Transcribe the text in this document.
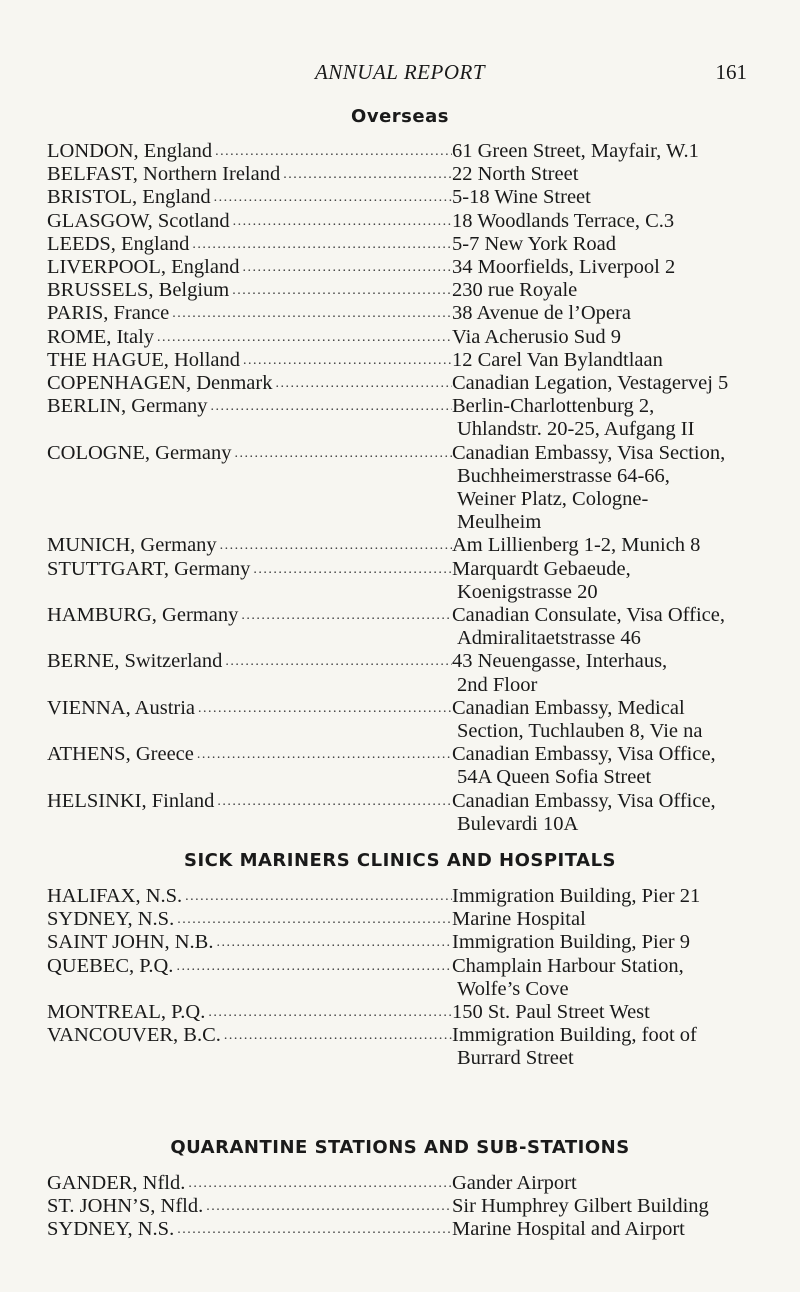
ANNUAL REPORT	161
Overseas
LONDON, England .....	61 Green Street, Mayfair, W.1
BELFAST, Northern Ireland .....	22 North Street
BRISTOL, England .....	5-18 Wine Street
GLASGOW, Scotland .....	18 Woodlands Terrace, C.3
LEEDS, England .....	5-7 New York Road
LIVERPOOL, England .....	34 Moorfields, Liverpool 2
BRUSSELS, Belgium .....	230 rue Royale
PARIS, France .....	38 Avenue de l’Opera
ROME, Italy .....	Via Acherusio Sud 9
THE HAGUE, Holland .....	12 Carel Van Bylandtlaan
COPENHAGEN, Denmark .....	Canadian Legation, Vestagervej 5
BERLIN, Germany .....	Berlin-Charlottenburg 2,
Uhlandstr. 20-25, Aufgang II
COLOGNE, Germany .....	Canadian Embassy, Visa Section,
Buchheimerstrasse 64-66,
Weiner Platz, Cologne-
Meulheim
MUNICH, Germany .....	Am Lillienberg 1-2, Munich 8
STUTTGART, Germany .....	Marquardt Gebaeude,
Koenigstrasse 20
HAMBURG, Germany .....	Canadian Consulate, Visa Office,
Admiralitaetstrasse 46
BERNE, Switzerland .....	43 Neuengasse, Interhaus,
2nd Floor
VIENNA, Austria .....	Canadian Embassy, Medical
Section, Tuchlauben 8, Vie na
ATHENS, Greece .....	Canadian Embassy, Visa Office,
54A Queen Sofia Street
HELSINKI, Finland .....	Canadian Embassy, Visa Office,
Bulevardi 10A
SICK MARINERS CLINICS AND HOSPITALS
HALIFAX, N.S. .....	Immigration Building, Pier 21
SYDNEY, N.S. .....	Marine Hospital
SAINT JOHN, N.B. .....	Immigration Building, Pier 9
QUEBEC, P.Q. .....	Champlain Harbour Station,
Wolfe’s Cove
MONTREAL, P.Q. .....	150 St. Paul Street West
VANCOUVER, B.C. .....	Immigration Building, foot of
Burrard Street
QUARANTINE STATIONS AND SUB-STATIONS
GANDER, Nfld. .....	Gander Airport
ST. JOHN’S, Nfld. .....	Sir Humphrey Gilbert Building
SYDNEY, N.S. .....	Marine Hospital and Airport
